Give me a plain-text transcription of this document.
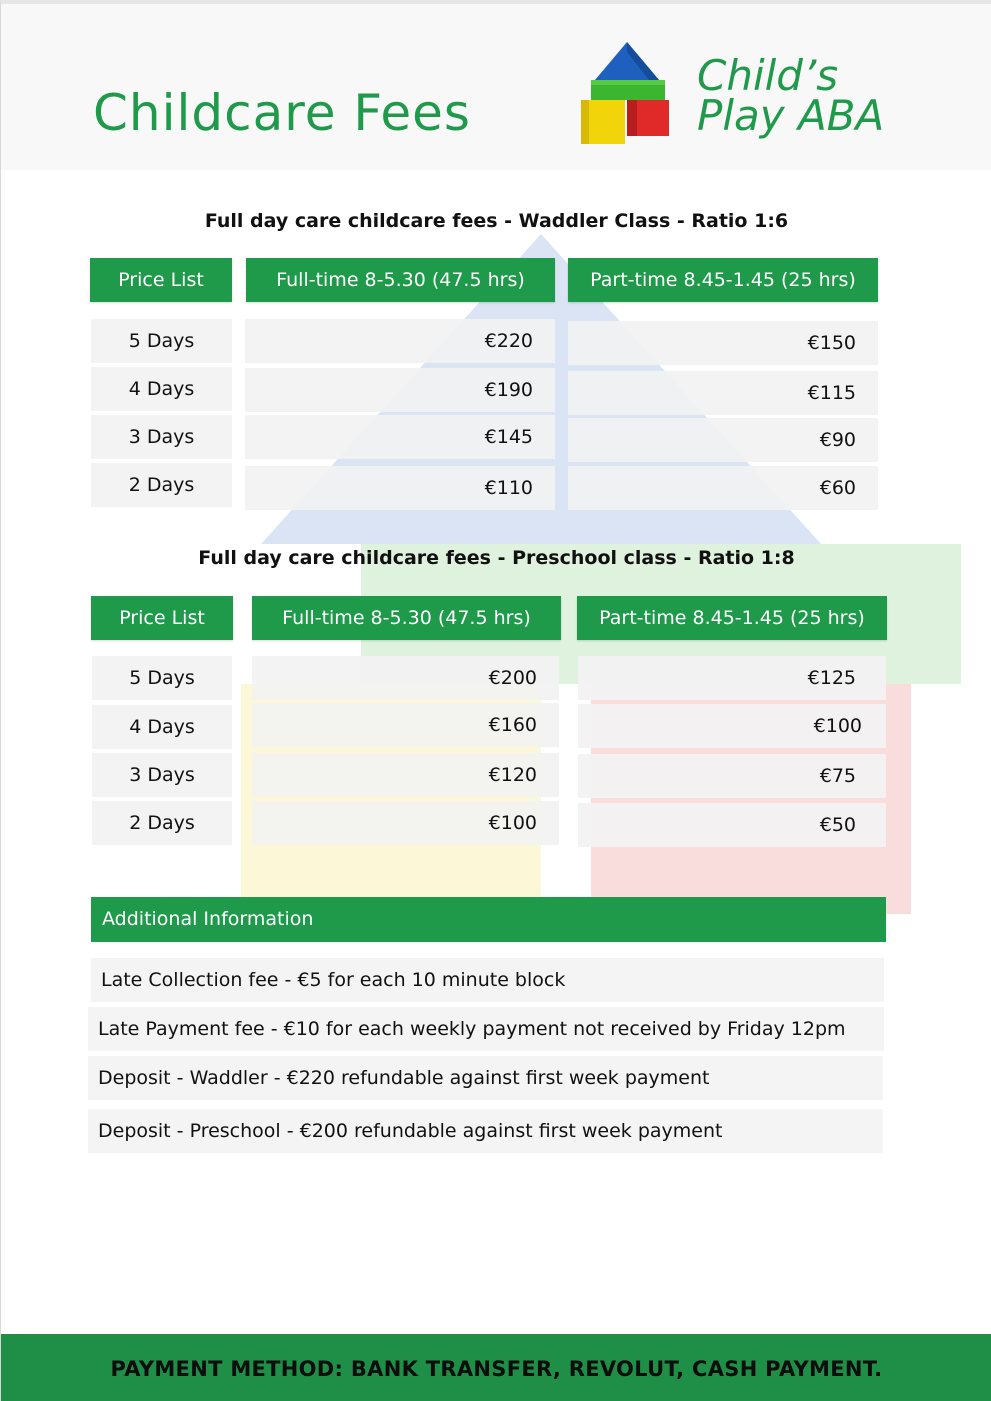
Childcare Fees
Child’s
Play ABA
Full day care childcare fees - Waddler Class - Ratio 1:6
Price List	Full-time 8-5.30 (47.5 hrs)	Part-time 8.45-1.45 (25 hrs)
5 Days	€220	€150
4 Days	€190	€115
3 Days	€145	€90
2 Days	€110	€60
Full day care childcare fees - Preschool class - Ratio 1:8
Price List	Full-time 8-5.30 (47.5 hrs)	Part-time 8.45-1.45 (25 hrs)
5 Days	€200	€125
4 Days	€160	€100
3 Days	€120	€75
2 Days	€100	€50
Additional Information
Late Collection fee - €5 for each 10 minute block
Late Payment fee - €10 for each weekly payment not received by Friday 12pm
Deposit - Waddler - €220 refundable against first week payment
Deposit - Preschool - €200 refundable against first week payment
PAYMENT METHOD: BANK TRANSFER, REVOLUT, CASH PAYMENT.
